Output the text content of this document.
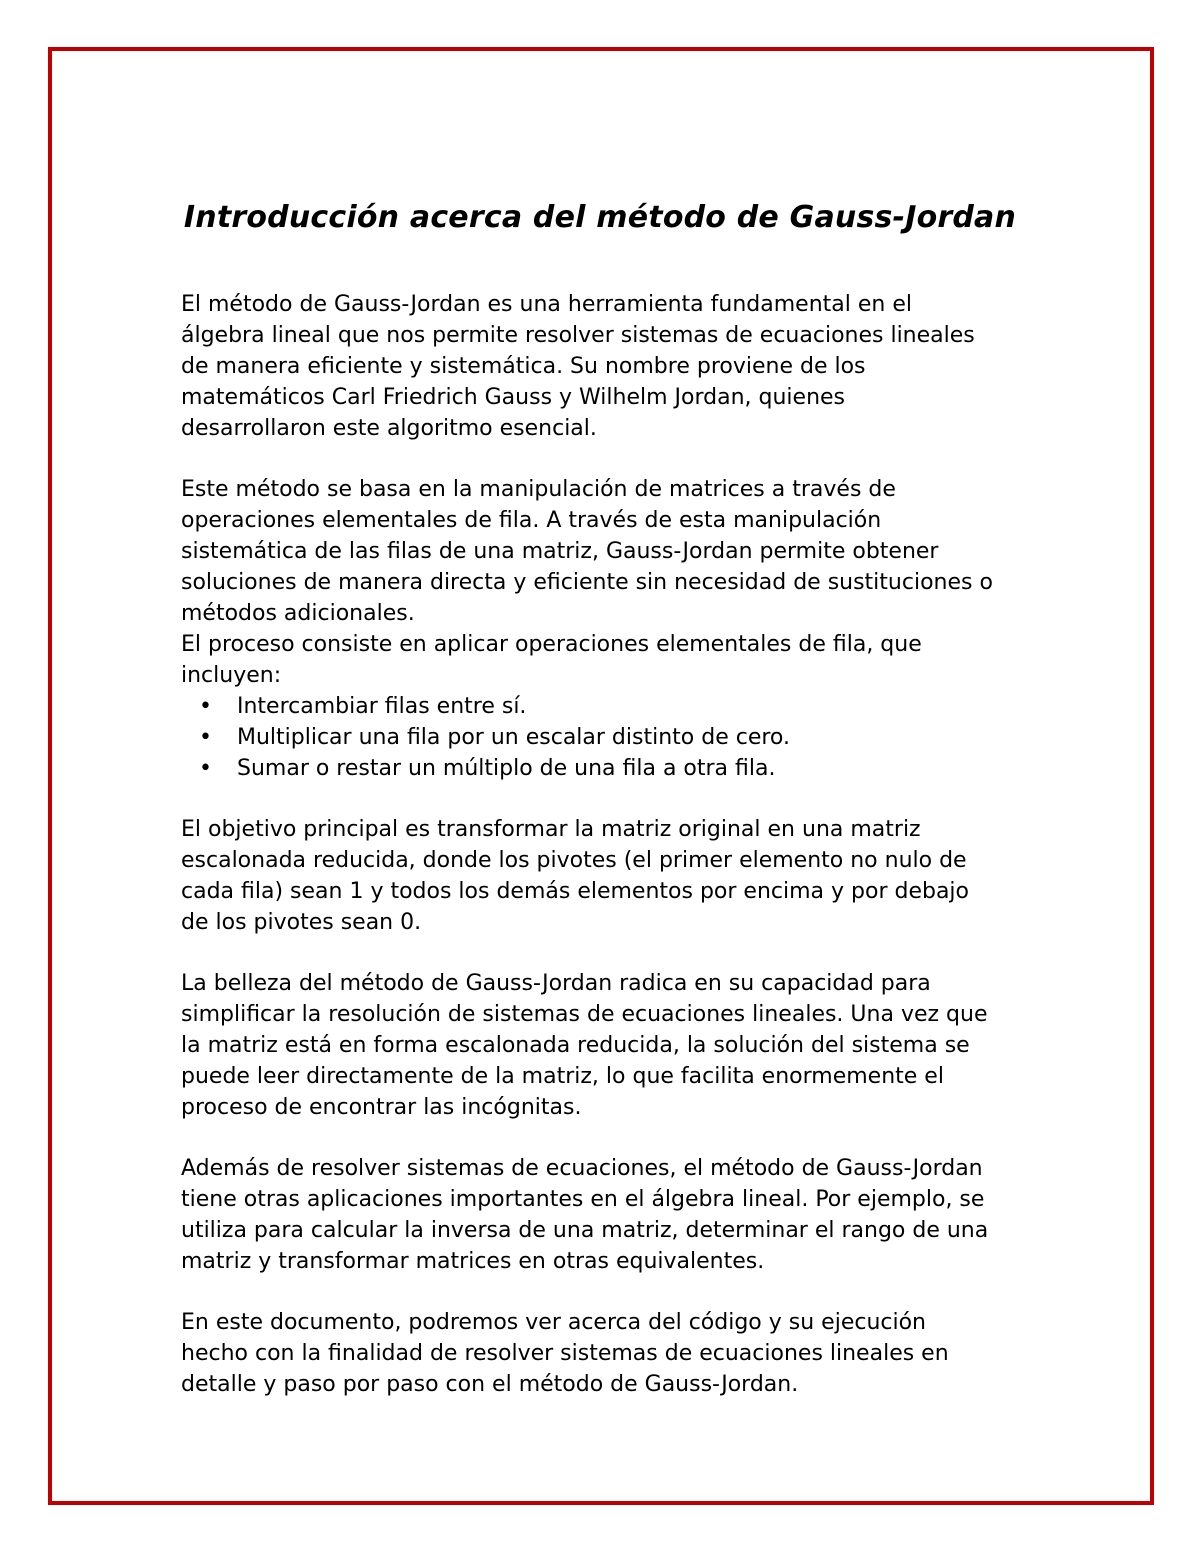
Introducción acerca del método de Gauss-Jordan

El método de Gauss-Jordan es una herramienta fundamental en el
álgebra lineal que nos permite resolver sistemas de ecuaciones lineales
de manera eficiente y sistemática. Su nombre proviene de los
matemáticos Carl Friedrich Gauss y Wilhelm Jordan, quienes
desarrollaron este algoritmo esencial.

Este método se basa en la manipulación de matrices a través de
operaciones elementales de fila. A través de esta manipulación
sistemática de las filas de una matriz, Gauss-Jordan permite obtener
soluciones de manera directa y eficiente sin necesidad de sustituciones o
métodos adicionales.

El proceso consiste en aplicar operaciones elementales de fila, que
incluyen:

• Intercambiar filas entre sí.
• Multiplicar una fila por un escalar distinto de cero.
• Sumar o restar un múltiplo de una fila a otra fila.

El objetivo principal es transformar la matriz original en una matriz
escalonada reducida, donde los pivotes (el primer elemento no nulo de
cada fila) sean 1 y todos los demás elementos por encima y por debajo
de los pivotes sean 0.

La belleza del método de Gauss-Jordan radica en su capacidad para
simplificar la resolución de sistemas de ecuaciones lineales. Una vez que
la matriz está en forma escalonada reducida, la solución del sistema se
puede leer directamente de la matriz, lo que facilita enormemente el
proceso de encontrar las incógnitas.

Además de resolver sistemas de ecuaciones, el método de Gauss-Jordan
tiene otras aplicaciones importantes en el álgebra lineal. Por ejemplo, se
utiliza para calcular la inversa de una matriz, determinar el rango de una
matriz y transformar matrices en otras equivalentes.

En este documento, podremos ver acerca del código y su ejecución
hecho con la finalidad de resolver sistemas de ecuaciones lineales en
detalle y paso por paso con el método de Gauss-Jordan.
